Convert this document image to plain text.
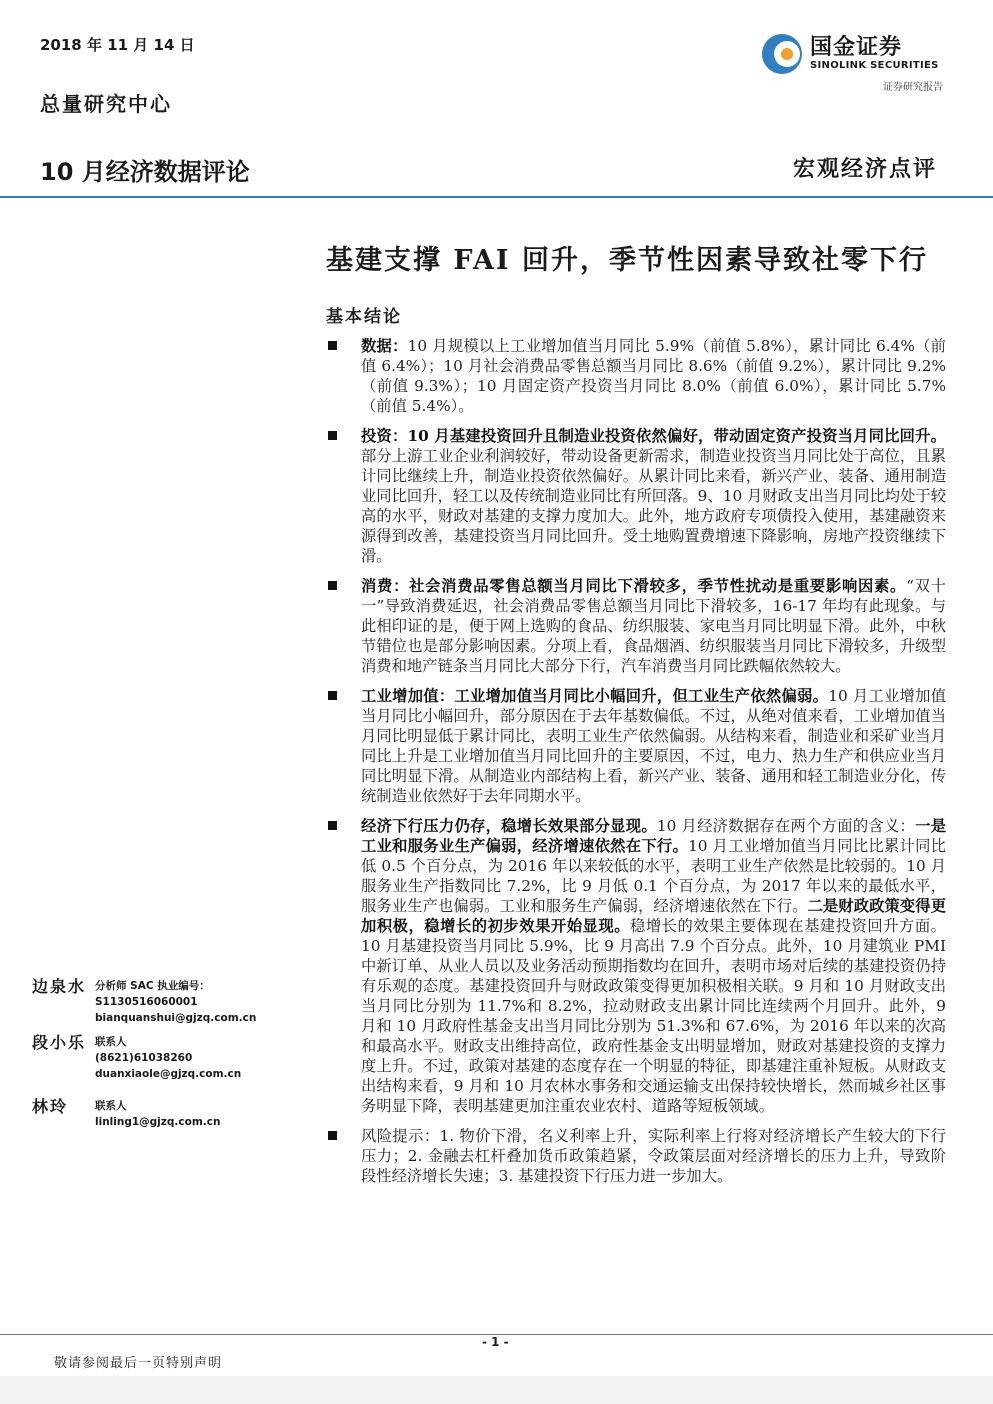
2018 年 11 月 14 日
总量研究中心
国金证券
SINOLINK SECURITIES
证券研究报告
10 月经济数据评论	宏观经济点评
基建支撑 FAI 回升，季节性因素导致社零下行
基本结论
数据：10 月规模以上工业增加值当月同比 5.9%（前值 5.8%），累计同比 6.4%（前值 6.4%）；10 月社会消费品零售总额当月同比 8.6%（前值 9.2%），累计同比 9.2%（前值 9.3%）；10 月固定资产投资当月同比 8.0%（前值 6.0%），累计同比 5.7%（前值 5.4%）。
投资：10 月基建投资回升且制造业投资依然偏好，带动固定资产投资当月同比回升。部分上游工业企业利润较好，带动设备更新需求，制造业投资当月同比处于高位，且累计同比继续上升，制造业投资依然偏好。从累计同比来看，新兴产业、装备、通用制造业同比回升，轻工以及传统制造业同比有所回落。9、10 月财政支出当月同比均处于较高的水平，财政对基建的支撑力度加大。此外，地方政府专项债投入使用，基建融资来源得到改善，基建投资当月同比回升。受土地购置费增速下降影响，房地产投资继续下滑。
消费：社会消费品零售总额当月同比下滑较多，季节性扰动是重要影响因素。“双十一”导致消费延迟，社会消费品零售总额当月同比下滑较多，16-17 年均有此现象。与此相印证的是，便于网上选购的食品、纺织服装、家电当月同比明显下滑。此外，中秋节错位也是部分影响因素。分项上看，食品烟酒、纺织服装当月同比下滑较多，升级型消费和地产链条当月同比大部分下行，汽车消费当月同比跌幅依然较大。
工业增加值：工业增加值当月同比小幅回升，但工业生产依然偏弱。10 月工业增加值当月同比小幅回升，部分原因在于去年基数偏低。不过，从绝对值来看，工业增加值当月同比明显低于累计同比，表明工业生产依然偏弱。从结构来看，制造业和采矿业当月同比上升是工业增加值当月同比回升的主要原因，不过，电力、热力生产和供应业当月同比明显下滑。从制造业内部结构上看，新兴产业、装备、通用和轻工制造业分化，传统制造业依然好于去年同期水平。
经济下行压力仍存，稳增长效果部分显现。10 月经济数据存在两个方面的含义：一是工业和服务业生产偏弱，经济增速依然在下行。10 月工业增加值当月同比比累计同比低 0.5 个百分点，为 2016 年以来较低的水平，表明工业生产依然是比较弱的。10 月服务业生产指数同比 7.2%，比 9 月低 0.1 个百分点，为 2017 年以来的最低水平，服务业生产也偏弱。工业和服务生产偏弱，经济增速依然在下行。二是财政政策变得更加积极，稳增长的初步效果开始显现。稳增长的效果主要体现在基建投资回升方面。10 月基建投资当月同比 5.9%，比 9 月高出 7.9 个百分点。此外，10 月建筑业 PMI 中新订单、从业人员以及业务活动预期指数均在回升，表明市场对后续的基建投资仍持有乐观的态度。基建投资回升与财政政策变得更加积极相关联。9 月和 10 月财政支出当月同比分别为 11.7%和 8.2%，拉动财政支出累计同比连续两个月回升。此外，9 月和 10 月政府性基金支出当月同比分别为 51.3%和 67.6%，为 2016 年以来的次高和最高水平。财政支出维持高位，政府性基金支出明显增加，财政对基建投资的支撑力度上升。不过，政策对基建的态度存在一个明显的特征，即基建注重补短板。从财政支出结构来看，9 月和 10 月农林水事务和交通运输支出保持较快增长，然而城乡社区事务明显下降，表明基建更加注重农业农村、道路等短板领域。
风险提示：1. 物价下滑，名义利率上升，实际利率上行将对经济增长产生较大的下行压力；2. 金融去杠杆叠加货币政策趋紧，令政策层面对经济增长的压力上升，导致阶段性经济增长失速；3. 基建投资下行压力进一步加大。
边泉水 分析师 SAC 执业编号：S1130516060001
bianquanshui@gjzq.com.cn
段小乐 联系人
(8621)61038260
duanxiaole@gjzq.com.cn
林玲	联系人
linling1@gjzq.com.cn
- 1 -
敬请参阅最后一页特别声明
